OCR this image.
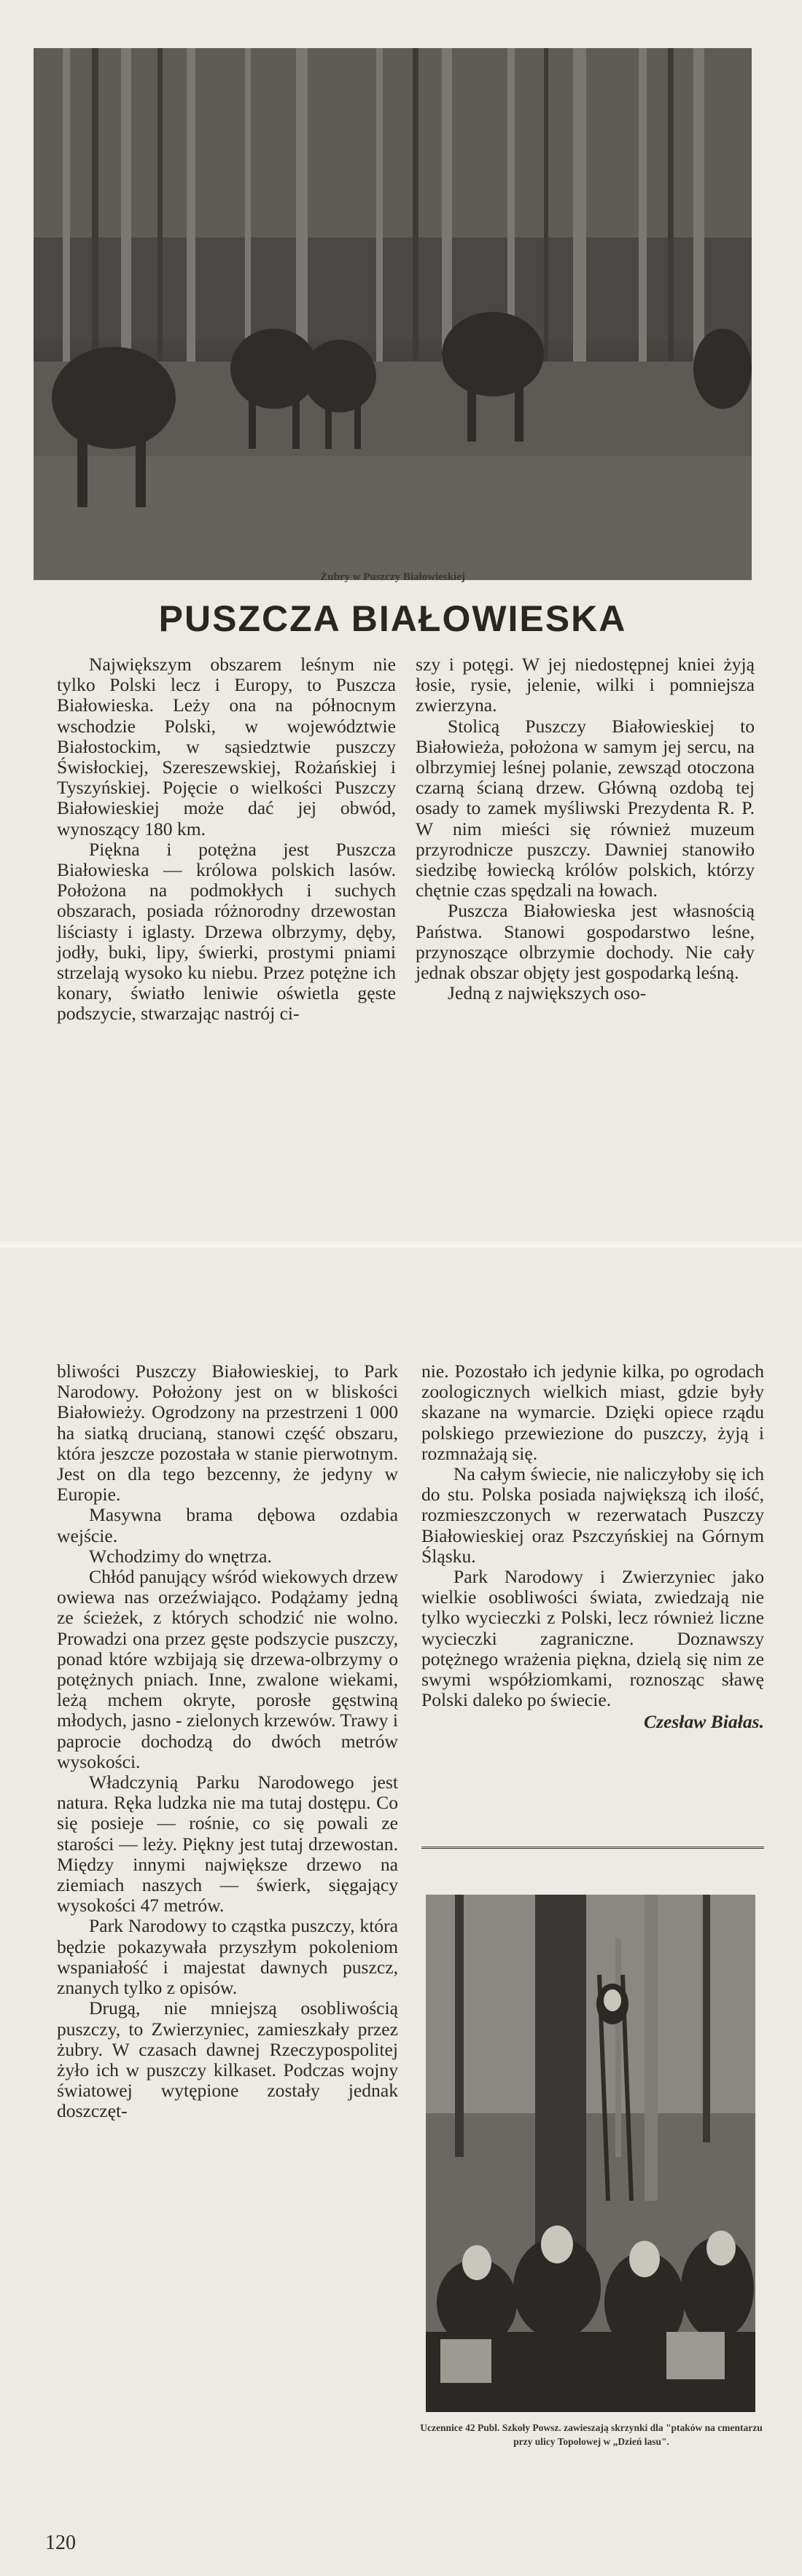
Żubry w Puszczy Białowieskiej
PUSZCZA BIAŁOWIESKA

Największym obszarem leśnym nie tylko Polski lecz i Europy, to Puszcza Białowieska. Leży ona na północnym wschodzie Polski, w województwie Białostockim, w sąsiedztwie puszczy Świsłockiej, Szereszewskiej, Rożańskiej i Tyszyńskiej. Pojęcie o wielkości Puszczy Białowieskiej może dać jej obwód, wynoszący 180 km.

Piękna i potężna jest Puszcza Białowieska — królowa polskich lasów. Położona na podmokłych i suchych obszarach, posiada różnorodny drzewostan liściasty i iglasty. Drzewa olbrzymy, dęby, jodły, buki, lipy, świerki, prostymi pniami strzelają wysoko ku niebu. Przez potężne ich konary, światło leniwie oświetla gęste podszycie, stwarzając nastrój ci-

szy i potęgi. W jej niedostępnej kniei żyją łosie, rysie, jelenie, wilki i pomniejsza zwierzyna.

Stolicą Puszczy Białowieskiej to Białowieża, położona w samym jej sercu, na olbrzymiej leśnej polanie, zewsząd otoczona czarną ścianą drzew. Główną ozdobą tej osady to zamek myśliwski Prezydenta R. P. W nim mieści się również muzeum przyrodnicze puszczy. Dawniej stanowiło siedzibę łowiecką królów polskich, którzy chętnie czas spędzali na łowach.

Puszcza Białowieska jest własnością Państwa. Stanowi gospodarstwo leśne, przynoszące olbrzymie dochody. Nie cały jednak obszar objęty jest gospodarką leśną.

Jedną z największych oso-

bliwości Puszczy Białowieskiej, to Park Narodowy. Położony jest on w bliskości Białowieży. Ogrodzony na przestrzeni 1 000 ha siatką drucianą, stanowi część obszaru, która jeszcze pozostała w stanie pierwotnym. Jest on dla tego bezcenny, że jedyny w Europie.

Masywna brama dębowa ozdabia wejście.

Wchodzimy do wnętrza.

Chłód panujący wśród wiekowych drzew owiewa nas orzeźwiająco. Podążamy jedną ze ścieżek, z których schodzić nie wolno. Prowadzi ona przez gęste podszycie puszczy, ponad które wzbijają się drzewa-olbrzymy o potężnych pniach. Inne, zwalone wiekami, leżą mchem okryte, porosłe gęstwiną młodych, jasno - zielonych krzewów. Trawy i paprocie dochodzą do dwóch metrów wysokości.

Władczynią Parku Narodowego jest natura. Ręka ludzka nie ma tutaj dostępu. Co się posieje — rośnie, co się powali ze starości — leży. Piękny jest tutaj drzewostan. Między innymi największe drzewo na ziemiach naszych — świerk, sięgający wysokości 47 metrów.

Park Narodowy to cząstka puszczy, która będzie pokazywała przyszłym pokoleniom wspaniałość i majestat dawnych puszcz, znanych tylko z opisów.

Drugą, nie mniejszą osobliwością puszczy, to Zwierzyniec, zamieszkały przez żubry. W czasach dawnej Rzeczypospolitej żyło ich w puszczy kilkaset. Podczas wojny światowej wytępione zostały jednak doszczęt-

nie. Pozostało ich jedynie kilka, po ogrodach zoologicznych wielkich miast, gdzie były skazane na wymarcie. Dzięki opiece rządu polskiego przewiezione do puszczy, żyją i rozmnażają się.

Na całym świecie, nie naliczyłoby się ich do stu. Polska posiada największą ich ilość, rozmieszczonych w rezerwatach Puszczy Białowieskiej oraz Pszczyńskiej na Górnym Śląsku.

Park Narodowy i Zwierzyniec jako wielkie osobliwości świata, zwiedzają nie tylko wycieczki z Polski, lecz również liczne wycieczki zagraniczne. Doznawszy potężnego wrażenia piękna, dzielą się nim ze swymi współziomkami, roznosząc sławę Polski daleko po świecie.

Czesław Białas.
Uczennice 42 Publ. Szkoły Powsz. zawieszają skrzynki dla "ptaków na cmentarzu przy ulicy Topolowej w „Dzień lasu".
120
